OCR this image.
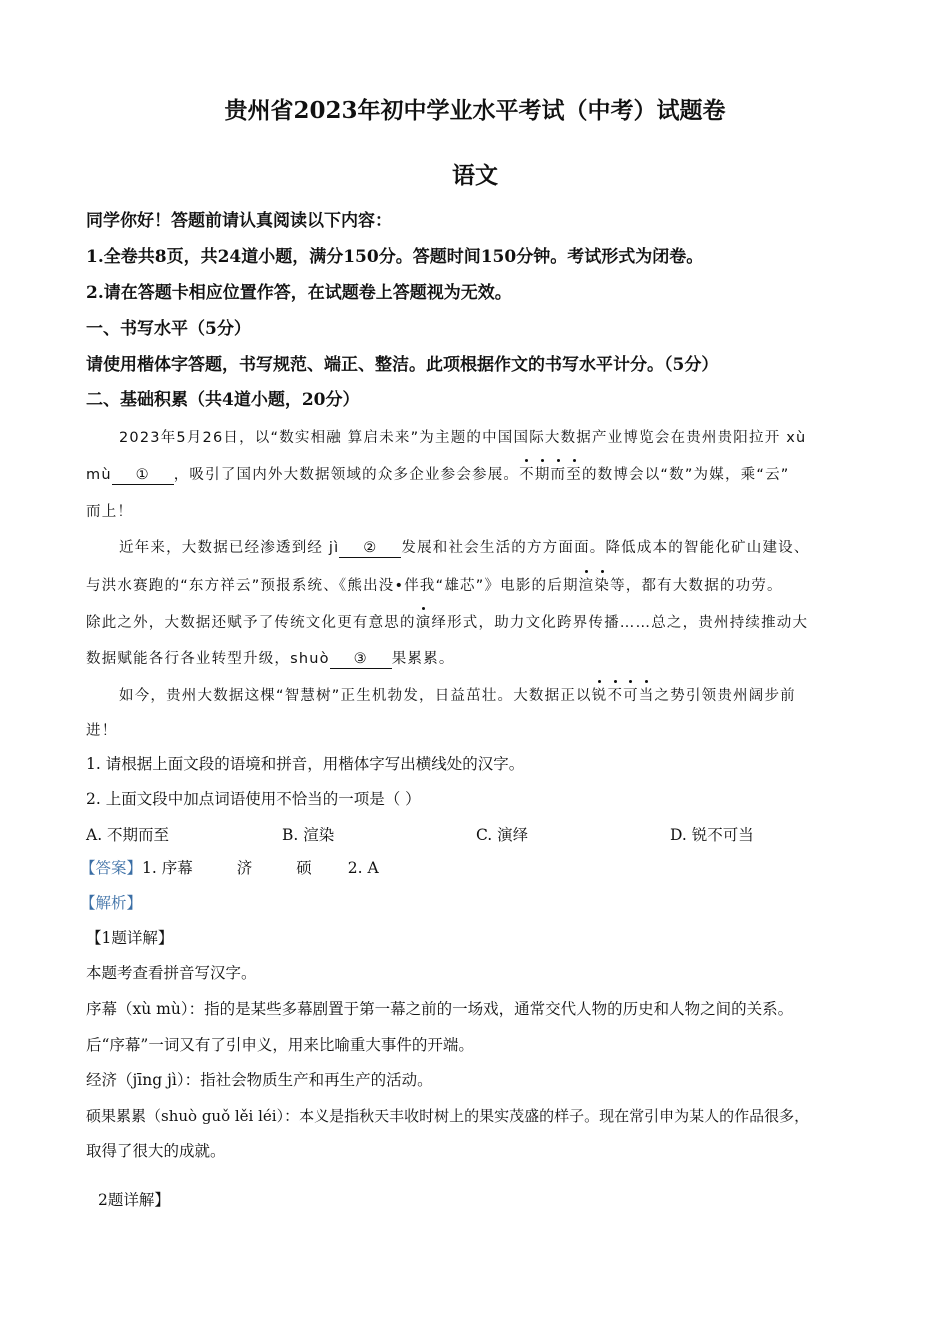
贵州省2023年初中学业水平考试（中考）试题卷
语文
同学你好！答题前请认真阅读以下内容：
1.全卷共8页，共24道小题，满分150分。答题时间150分钟。考试形式为闭卷。
2.请在答题卡相应位置作答，在试题卷上答题视为无效。
一、书写水平（5分）
请使用楷体字答题，书写规范、端正、整洁。此项根据作文的书写水平计分。（5分）
二、基础积累（共4道小题，20分）
2023年5月26日，以“数实相融 算启未来”为主题的中国国际大数据产业博览会在贵州贵阳拉开 xù
mù ① ，吸引了国内外大数据领域的众多企业参会参展。不期而至的数博会以“数”为媒，乘“云”
而上！
近年来，大数据已经渗透到经 jì ② 发展和社会生活的方方面面。降低成本的智能化矿山建设、
与洪水赛跑的“东方祥云”预报系统、《熊出没•伴我“雄芯”》电影的后期渲染等，都有大数据的功劳。
除此之外，大数据还赋予了传统文化更有意思的演绎形式，助力文化跨界传播……总之，贵州持续推动大
数据赋能各行各业转型升级，shuò ③ 果累累。
如今，贵州大数据这棵“智慧树”正生机勃发，日益茁壮。大数据正以锐不可当之势引领贵州阔步前
进！
1. 请根据上面文段的语境和拼音，用楷体字写出横线处的汉字。
2. 上面文段中加点词语使用不恰当的一项是（ ）
A. 不期而至	B. 渲染	C. 演绎	D. 锐不可当
【答案】1. 序幕	济	硕 2. A
【解析】
【1题详解】
本题考查看拼音写汉字。
序幕（xù mù）：指的是某些多幕剧置于第一幕之前的一场戏，通常交代人物的历史和人物之间的关系。
后“序幕”一词又有了引申义，用来比喻重大事件的开端。
经济（jīng jì）：指社会物质生产和再生产的活动。
硕果累累（shuò guǒ lěi léi）：本义是指秋天丰收时树上的果实茂盛的样子。现在常引申为某人的作品很多，
取得了很大的成就。
2题详解】
